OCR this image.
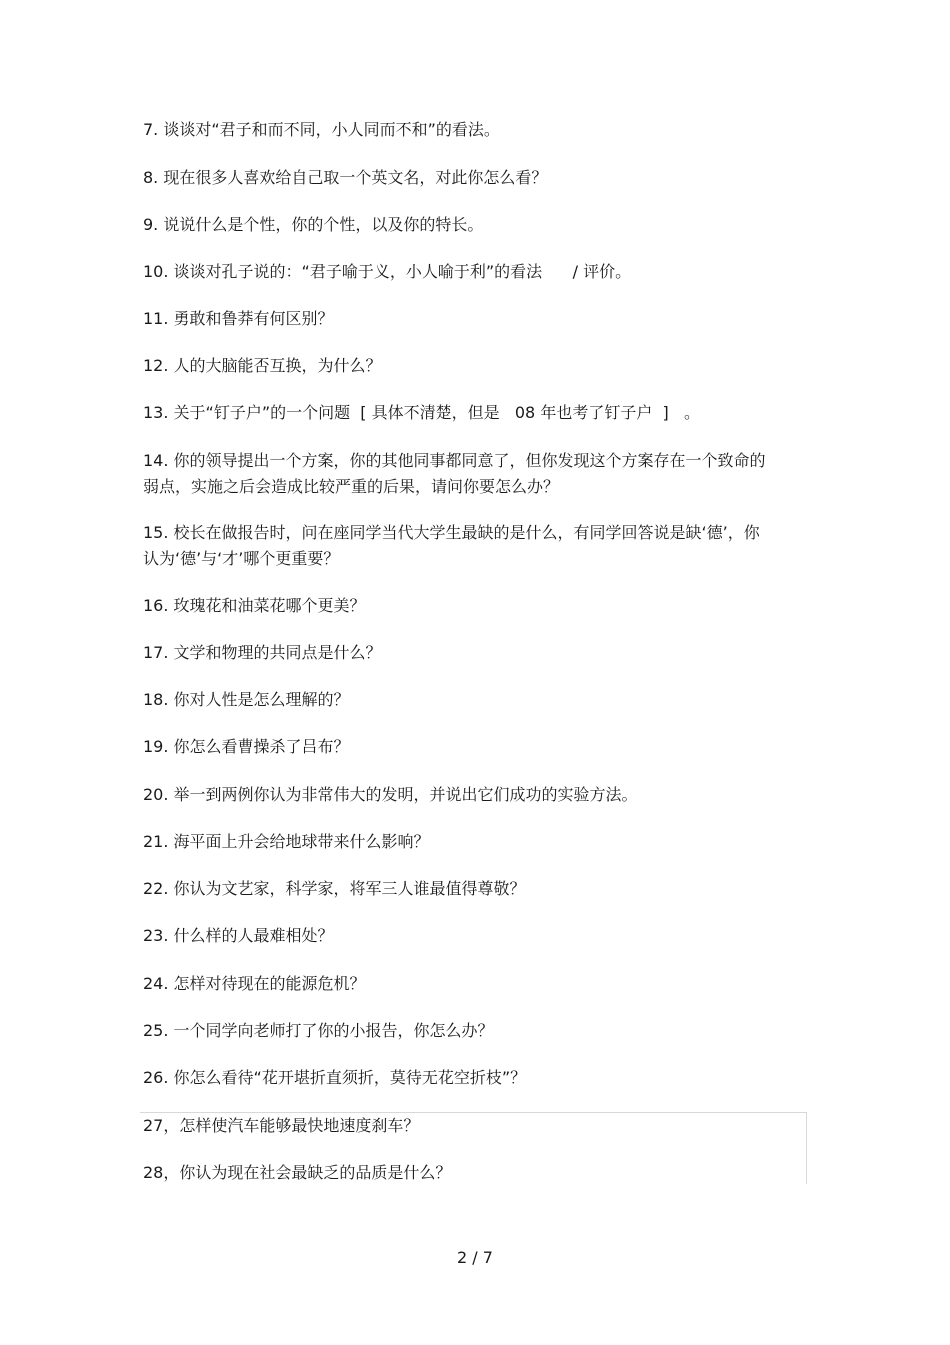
7. 谈谈对“君子和而不同，小人同而不和”的看法。

8. 现在很多人喜欢给自己取一个英文名，对此你怎么看？

9. 说说什么是个性，你的个性，以及你的特长。

10. 谈谈对孔子说的：“君子喻于义，小人喻于利”的看法      / 评价。

11. 勇敢和鲁莽有何区别？

12. 人的大脑能否互换，为什么？

13. 关于“钉子户”的一个问题  [ 具体不清楚，但是   08 年也考了钉子户  ]   。

14. 你的领导提出一个方案，你的其他同事都同意了，但你发现这个方案存在一个致命的弱点，实施之后会造成比较严重的后果，请问你要怎么办？

15. 校长在做报告时，问在座同学当代大学生最缺的是什么，有同学回答说是缺‘德’，你认为‘德’与‘才’哪个更重要？

16. 玫瑰花和油菜花哪个更美？

17. 文学和物理的共同点是什么？

18. 你对人性是怎么理解的？

19. 你怎么看曹操杀了吕布？

20. 举一到两例你认为非常伟大的发明，并说出它们成功的实验方法。

21. 海平面上升会给地球带来什么影响？

22. 你认为文艺家，科学家，将军三人谁最值得尊敬？

23. 什么样的人最难相处？

24. 怎样对待现在的能源危机？

25. 一个同学向老师打了你的小报告，你怎么办？

26. 你怎么看待“花开堪折直须折，莫待无花空折枝”？

27，怎样使汽车能够最快地速度刹车？

28，你认为现在社会最缺乏的品质是什么？

2 / 7
